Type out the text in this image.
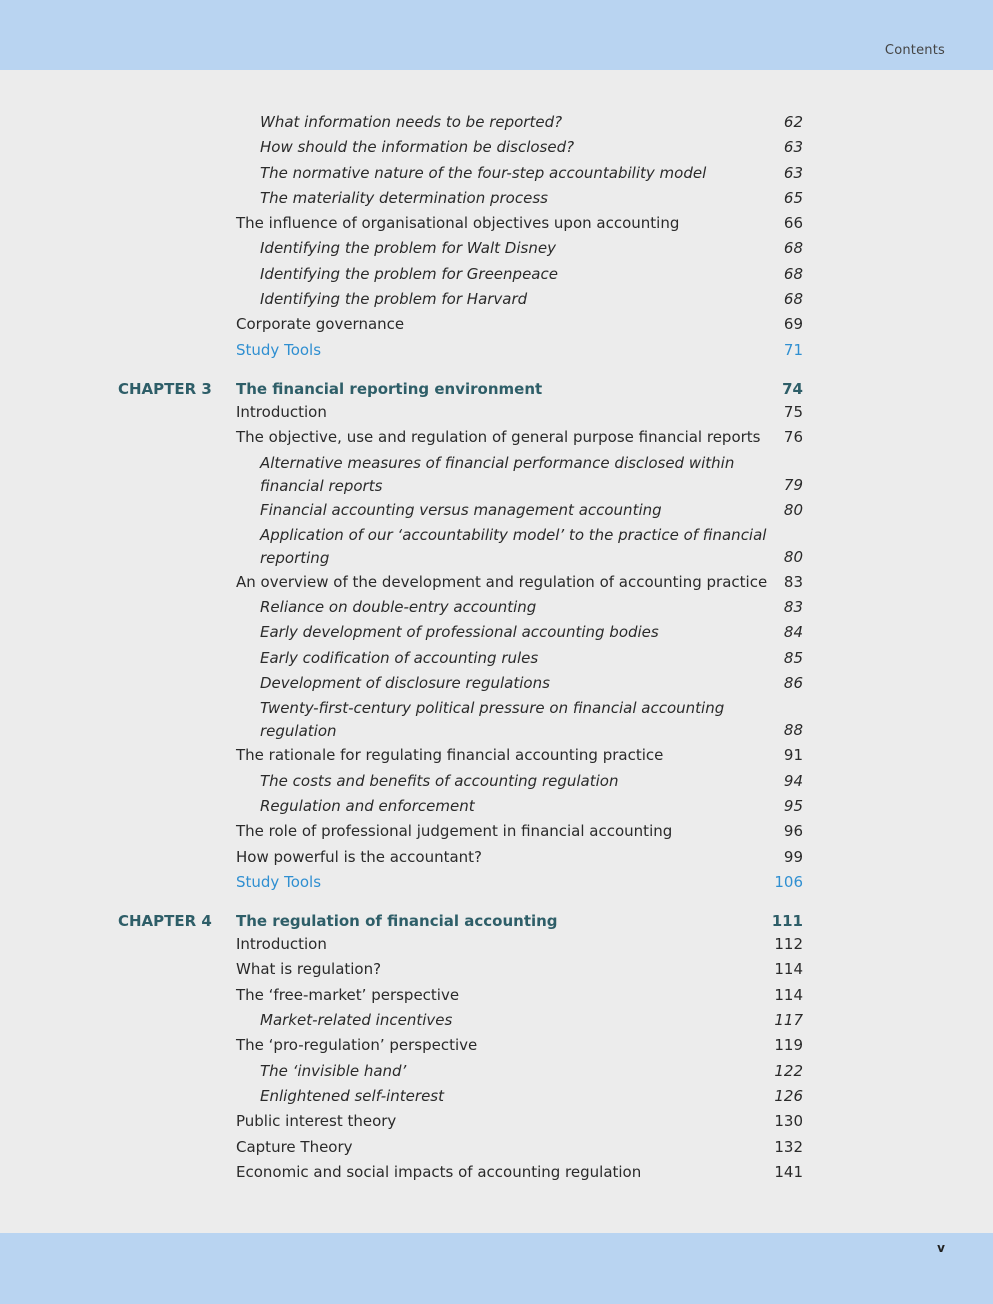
Contents
What information needs to be reported?	62
How should the information be disclosed?	63
The normative nature of the four-step accountability model	63
The materiality determination process	65
The influence of organisational objectives upon accounting	66
Identifying the problem for Walt Disney	68
Identifying the problem for Greenpeace	68
Identifying the problem for Harvard	68
Corporate governance	69
Study Tools	71
CHAPTER 3 The financial reporting environment	74
Introduction	75
The objective, use and regulation of general purpose financial reports 76
Alternative measures of financial performance disclosed within financial reports	79
Financial accounting versus management accounting	80
Application of our ‘accountability model’ to the practice of financial reporting	80
An overview of the development and regulation of accounting practice 83
Reliance on double-entry accounting	83
Early development of professional accounting bodies	84
Early codification of accounting rules	85
Development of disclosure regulations	86
Twenty-first-century political pressure on financial accounting regulation	88
The rationale for regulating financial accounting practice	91
The costs and benefits of accounting regulation	94
Regulation and enforcement	95
The role of professional judgement in financial accounting	96
How powerful is the accountant?	99
Study Tools	106
CHAPTER 4 The regulation of financial accounting	111
Introduction	112
What is regulation?	114
The ‘free-market’ perspective	114
Market-related incentives	117
The ‘pro-regulation’ perspective	119
The ‘invisible hand’	122
Enlightened self-interest	126
Public interest theory	130
Capture Theory	132
Economic and social impacts of accounting regulation	141
v
